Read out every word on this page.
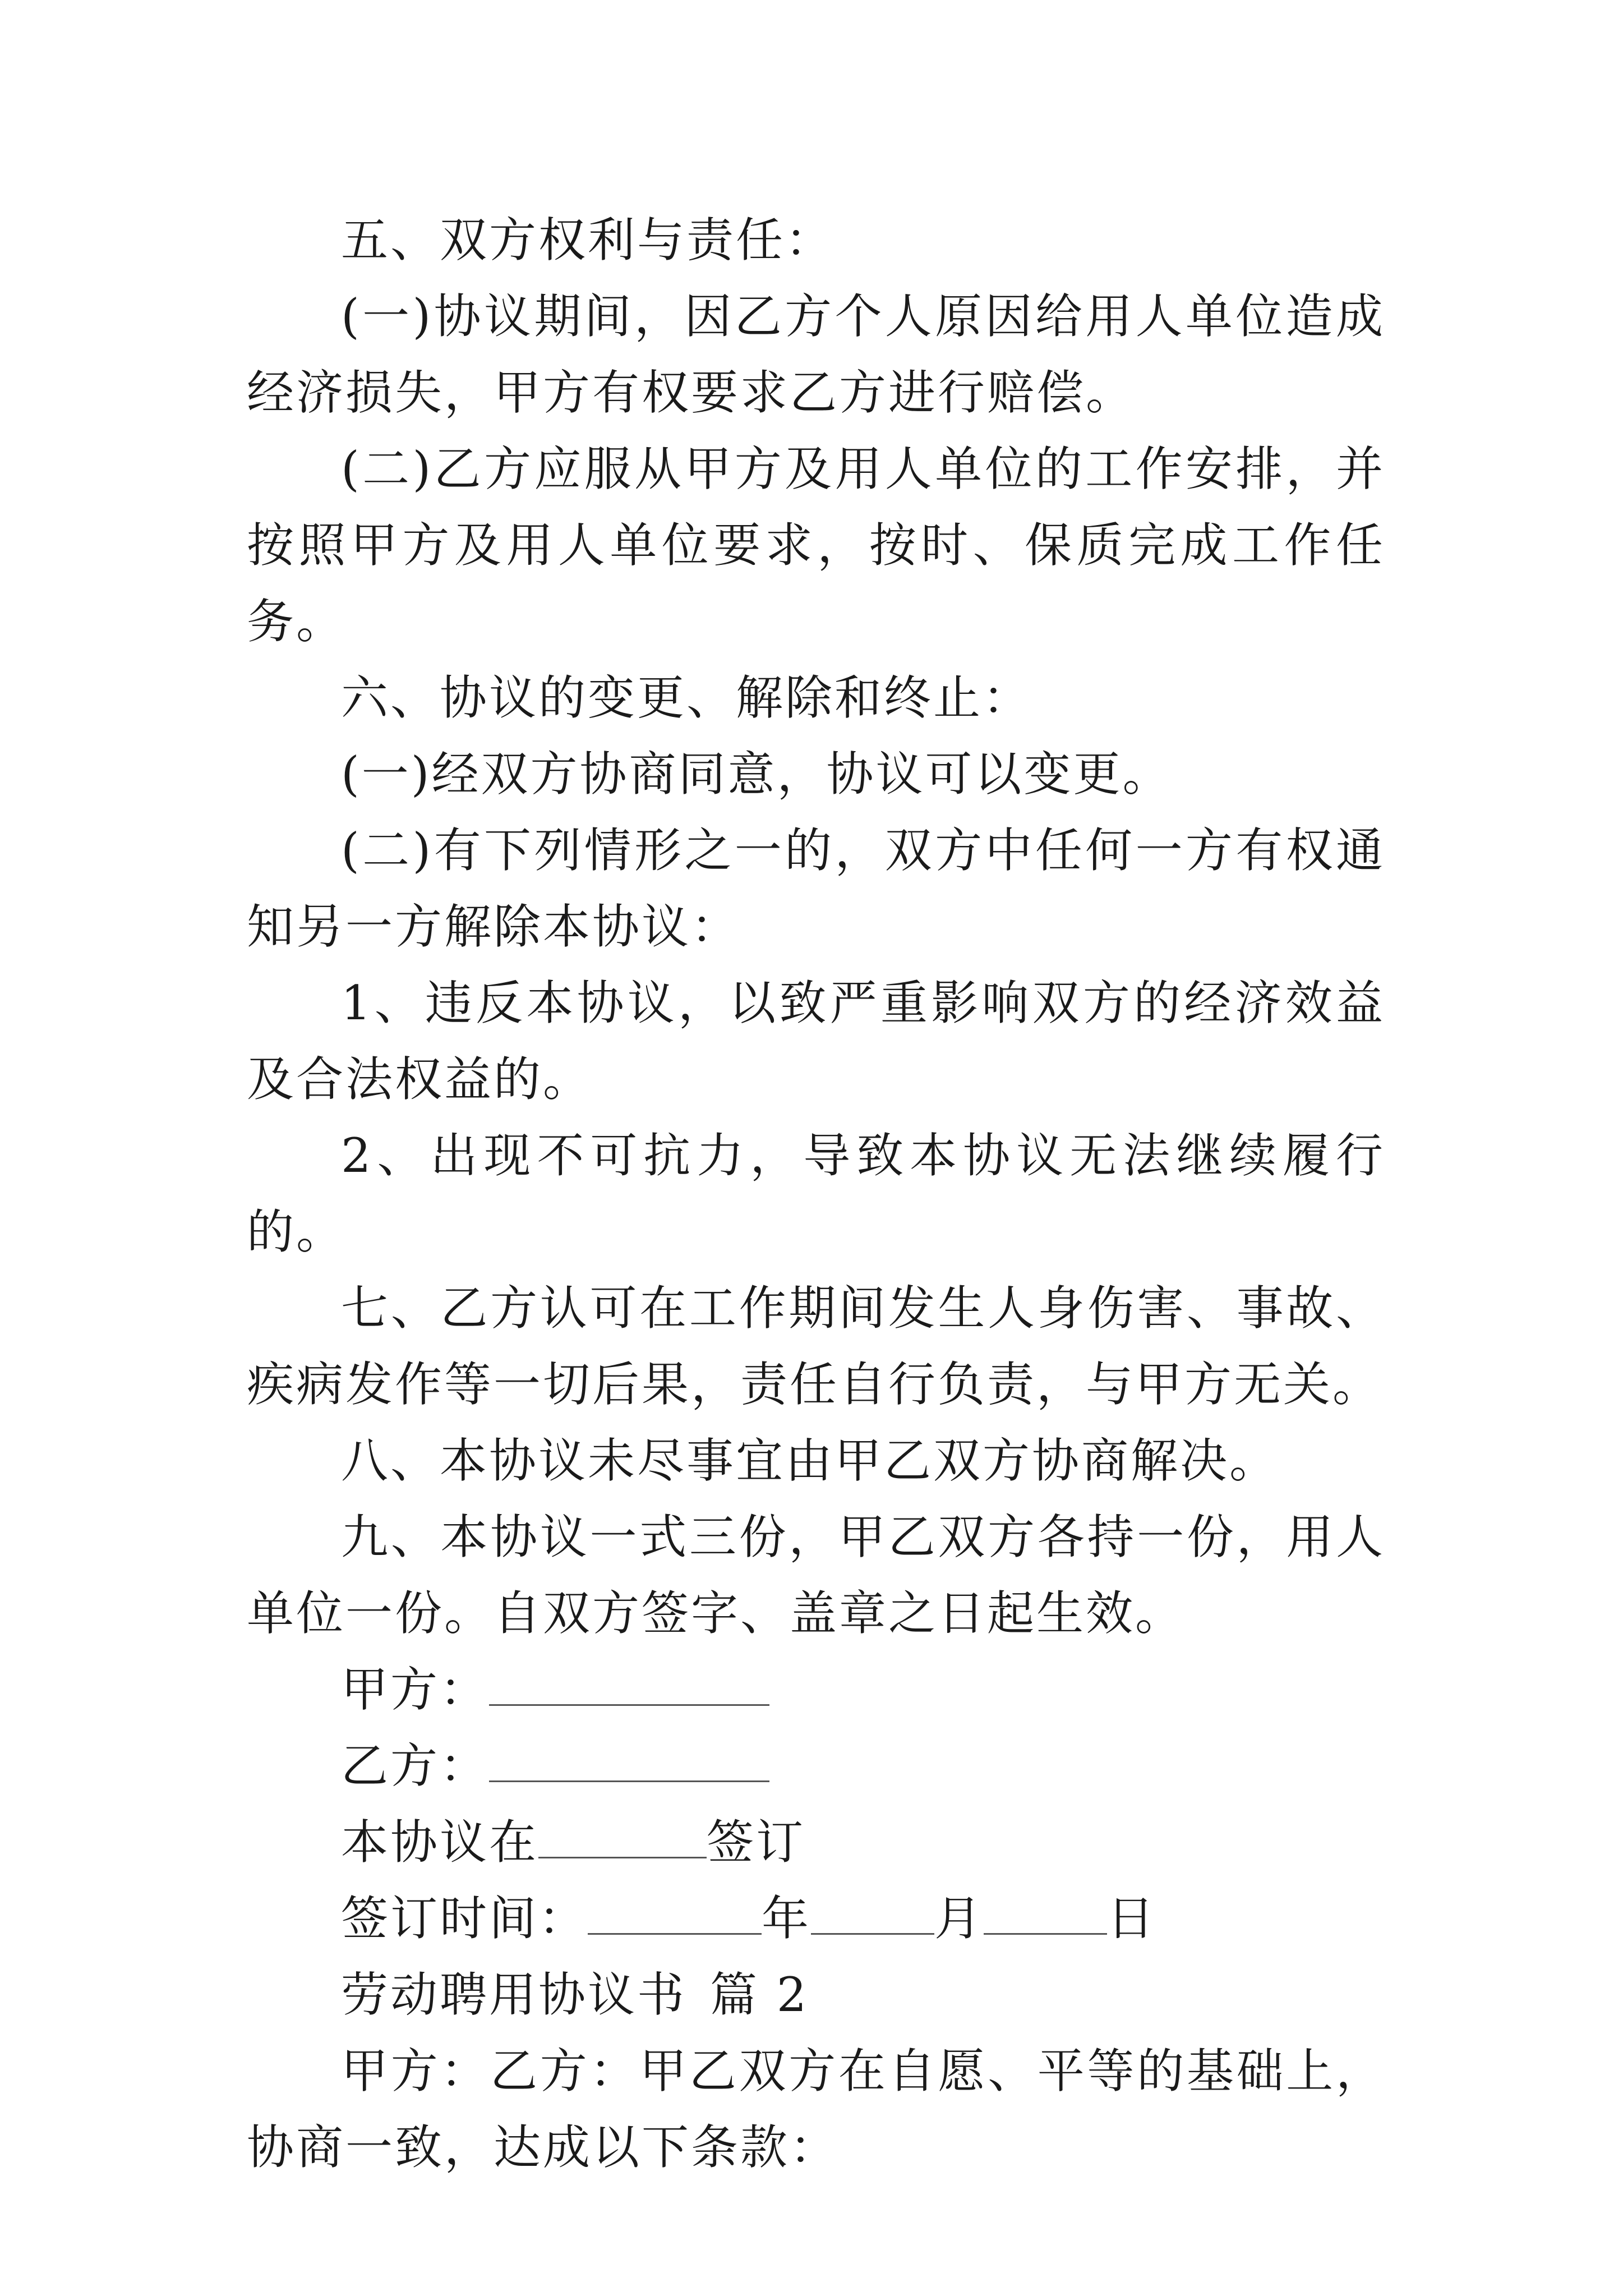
五、双方权利与责任：

(一)协议期间，因乙方个人原因给用人单位造成经济损失，甲方有权要求乙方进行赔偿。

(二)乙方应服从甲方及用人单位的工作安排，并按照甲方及用人单位要求，按时、保质完成工作任务。

六、协议的变更、解除和终止：

(一)经双方协商同意，协议可以变更。

(二)有下列情形之一的，双方中任何一方有权通知另一方解除本协议：

1、违反本协议，以致严重影响双方的经济效益及合法权益的。

2、出现不可抗力，导致本协议无法继续履行的。

七、乙方认可在工作期间发生人身伤害、事故、疾病发作等一切后果，责任自行负责，与甲方无关。

八、本协议未尽事宜由甲乙双方协商解决。

九、本协议一式三份，甲乙双方各持一份，用人单位一份。自双方签字、盖章之日起生效。

甲方：

乙方：

本协议在	签订

签订时间：	年	月	日

劳动聘用协议书 篇 2

甲方：乙方：甲乙双方在自愿、平等的基础上，协商一致，达成以下条款：
